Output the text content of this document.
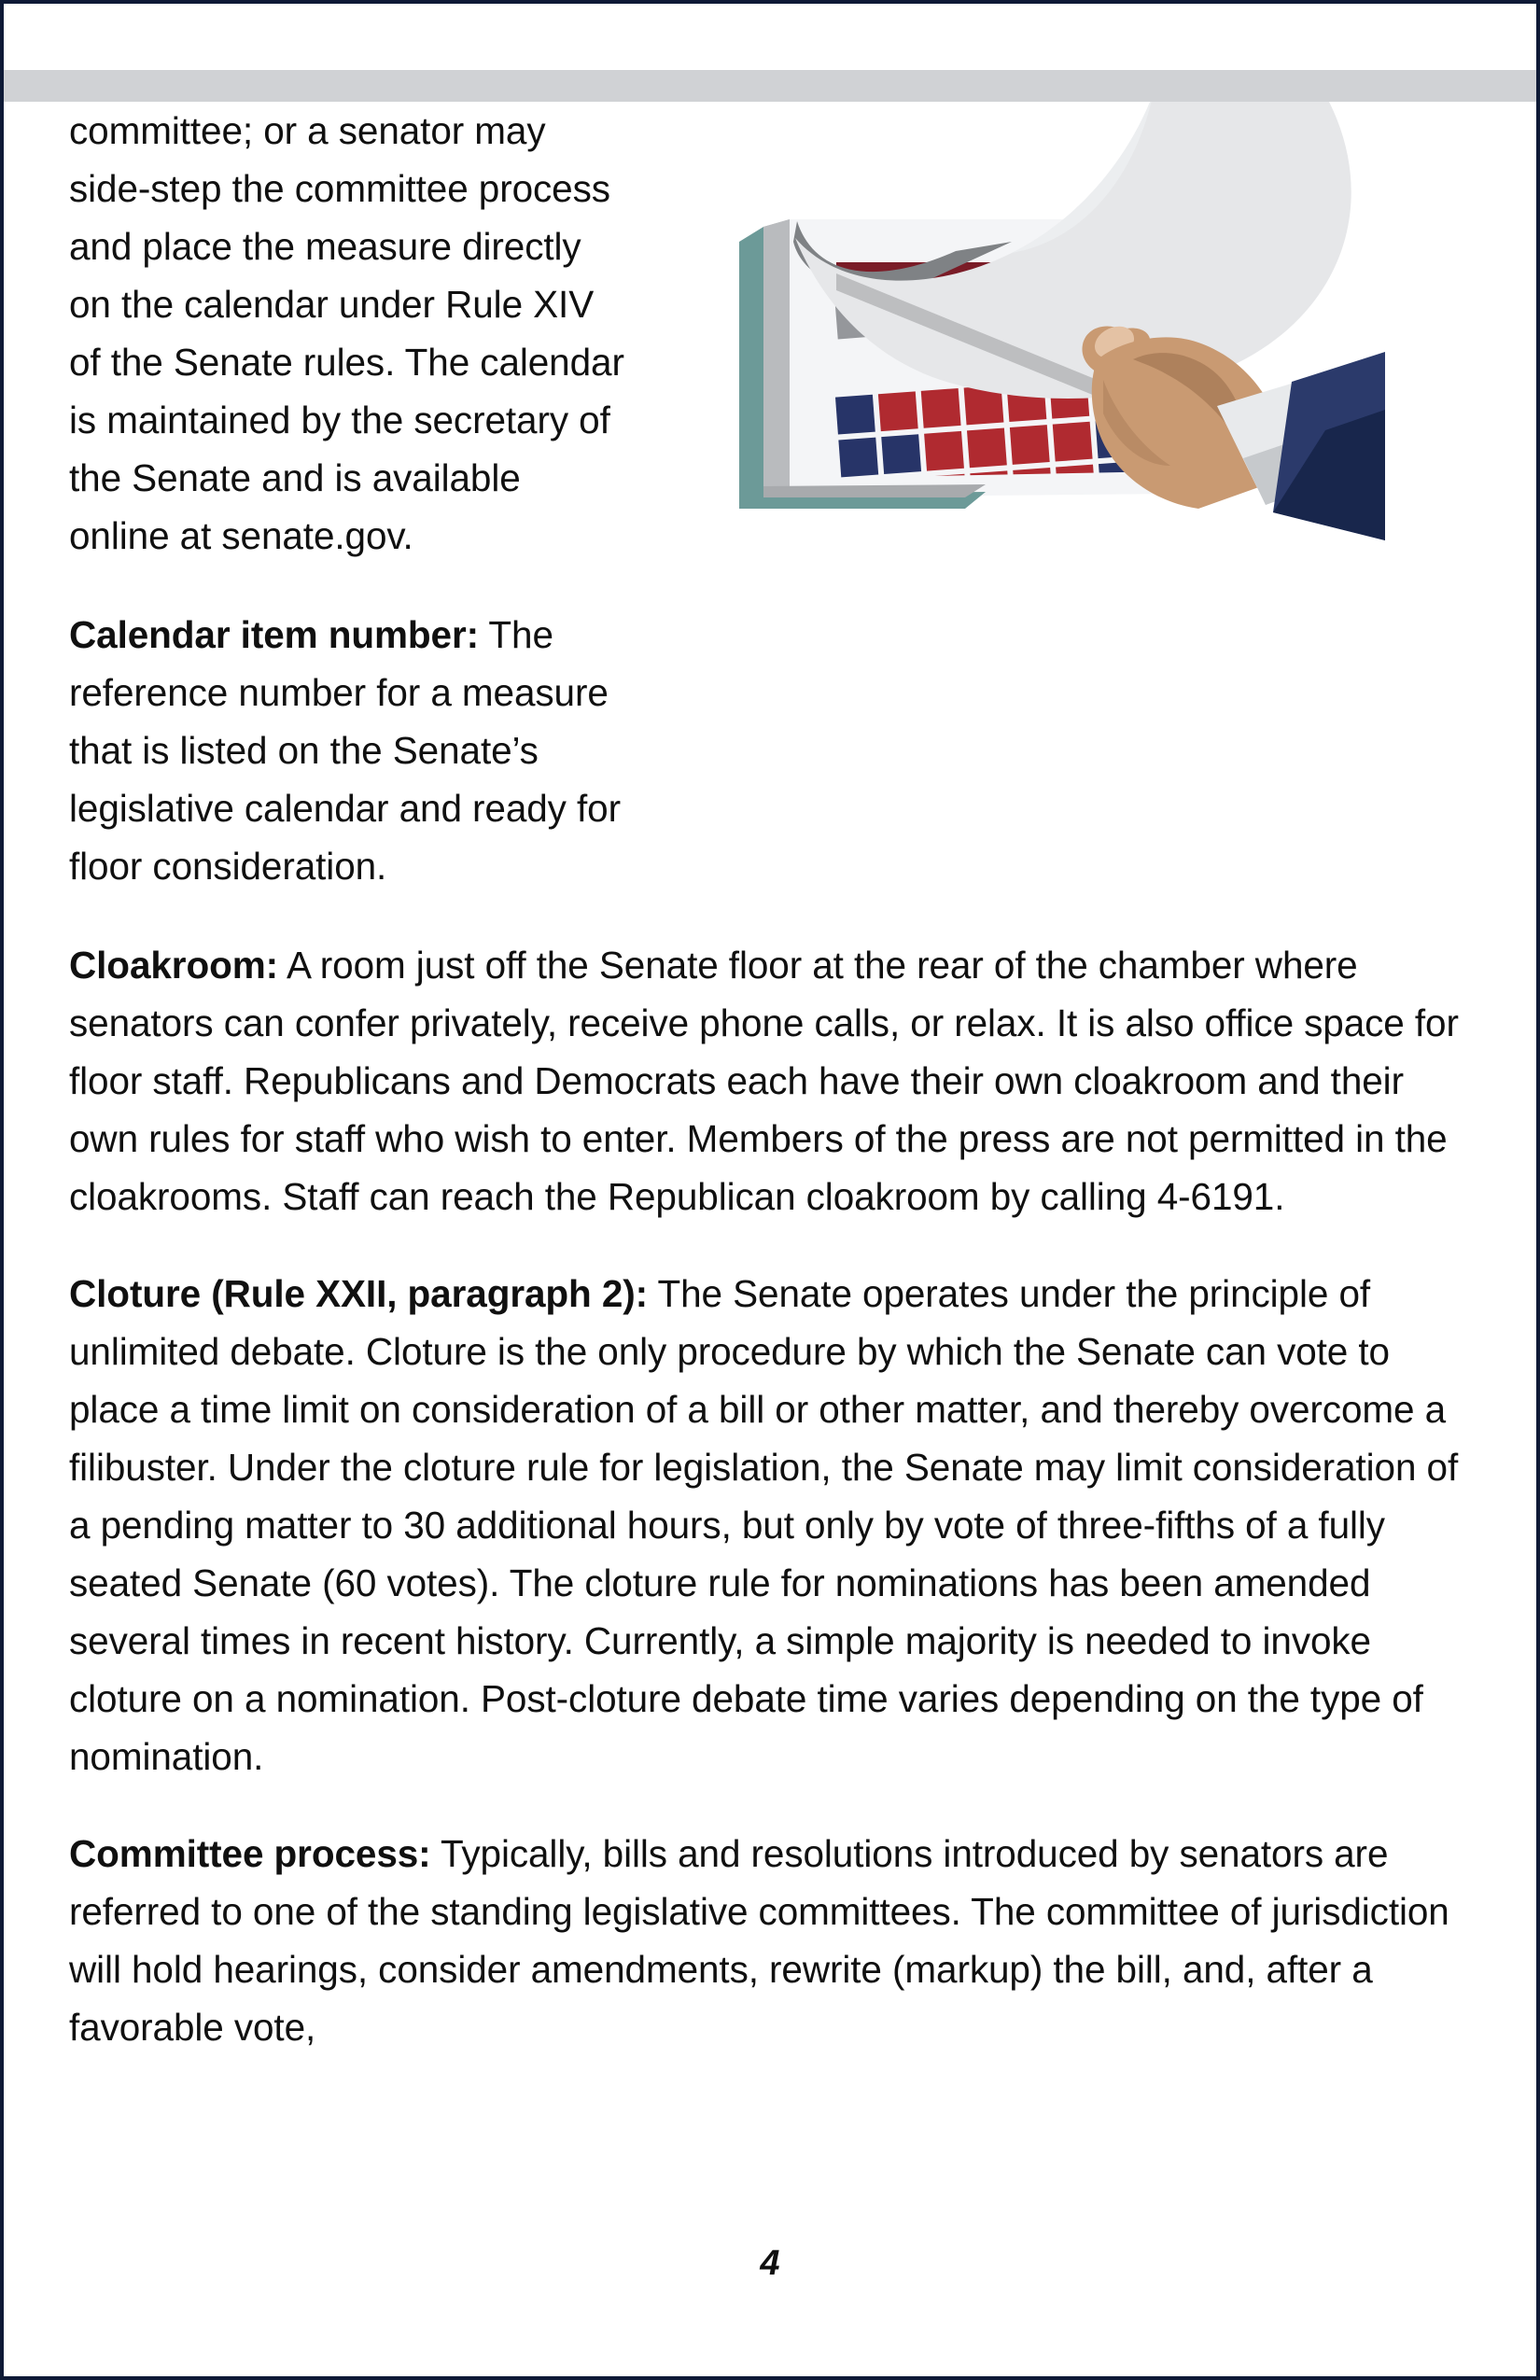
committee; or a senator may side-step the committee process and place the measure directly on the calendar under Rule XIV of the Senate rules. The calendar is maintained by the secretary of the Senate and is available online at senate.gov.

Calendar item number: The reference number for a measure that is listed on the Senate’s legislative calendar and ready for floor consideration.

Cloakroom: A room just off the Senate floor at the rear of the chamber where senators can confer privately, receive phone calls, or relax. It is also office space for floor staff. Republicans and Democrats each have their own cloakroom and their own rules for staff who wish to enter. Members of the press are not permitted in the cloakrooms. Staff can reach the Republican cloakroom by calling 4-6191.

Cloture (Rule XXII, paragraph 2): The Senate operates under the principle of unlimited debate. Cloture is the only procedure by which the Senate can vote to place a time limit on consideration of a bill or other matter, and thereby overcome a filibuster. Under the cloture rule for legislation, the Senate may limit consideration of a pending matter to 30 additional hours, but only by vote of three-fifths of a fully seated Senate (60 votes). The cloture rule for nominations has been amended several times in recent history. Currently, a simple majority is needed to invoke cloture on a nomination. Post-cloture debate time varies depending on the type of nomination.

Committee process: Typically, bills and resolutions introduced by senators are referred to one of the standing legislative committees. The committee of jurisdiction will hold hearings, consider amendments, rewrite (markup) the bill, and, after a favorable vote,

4
